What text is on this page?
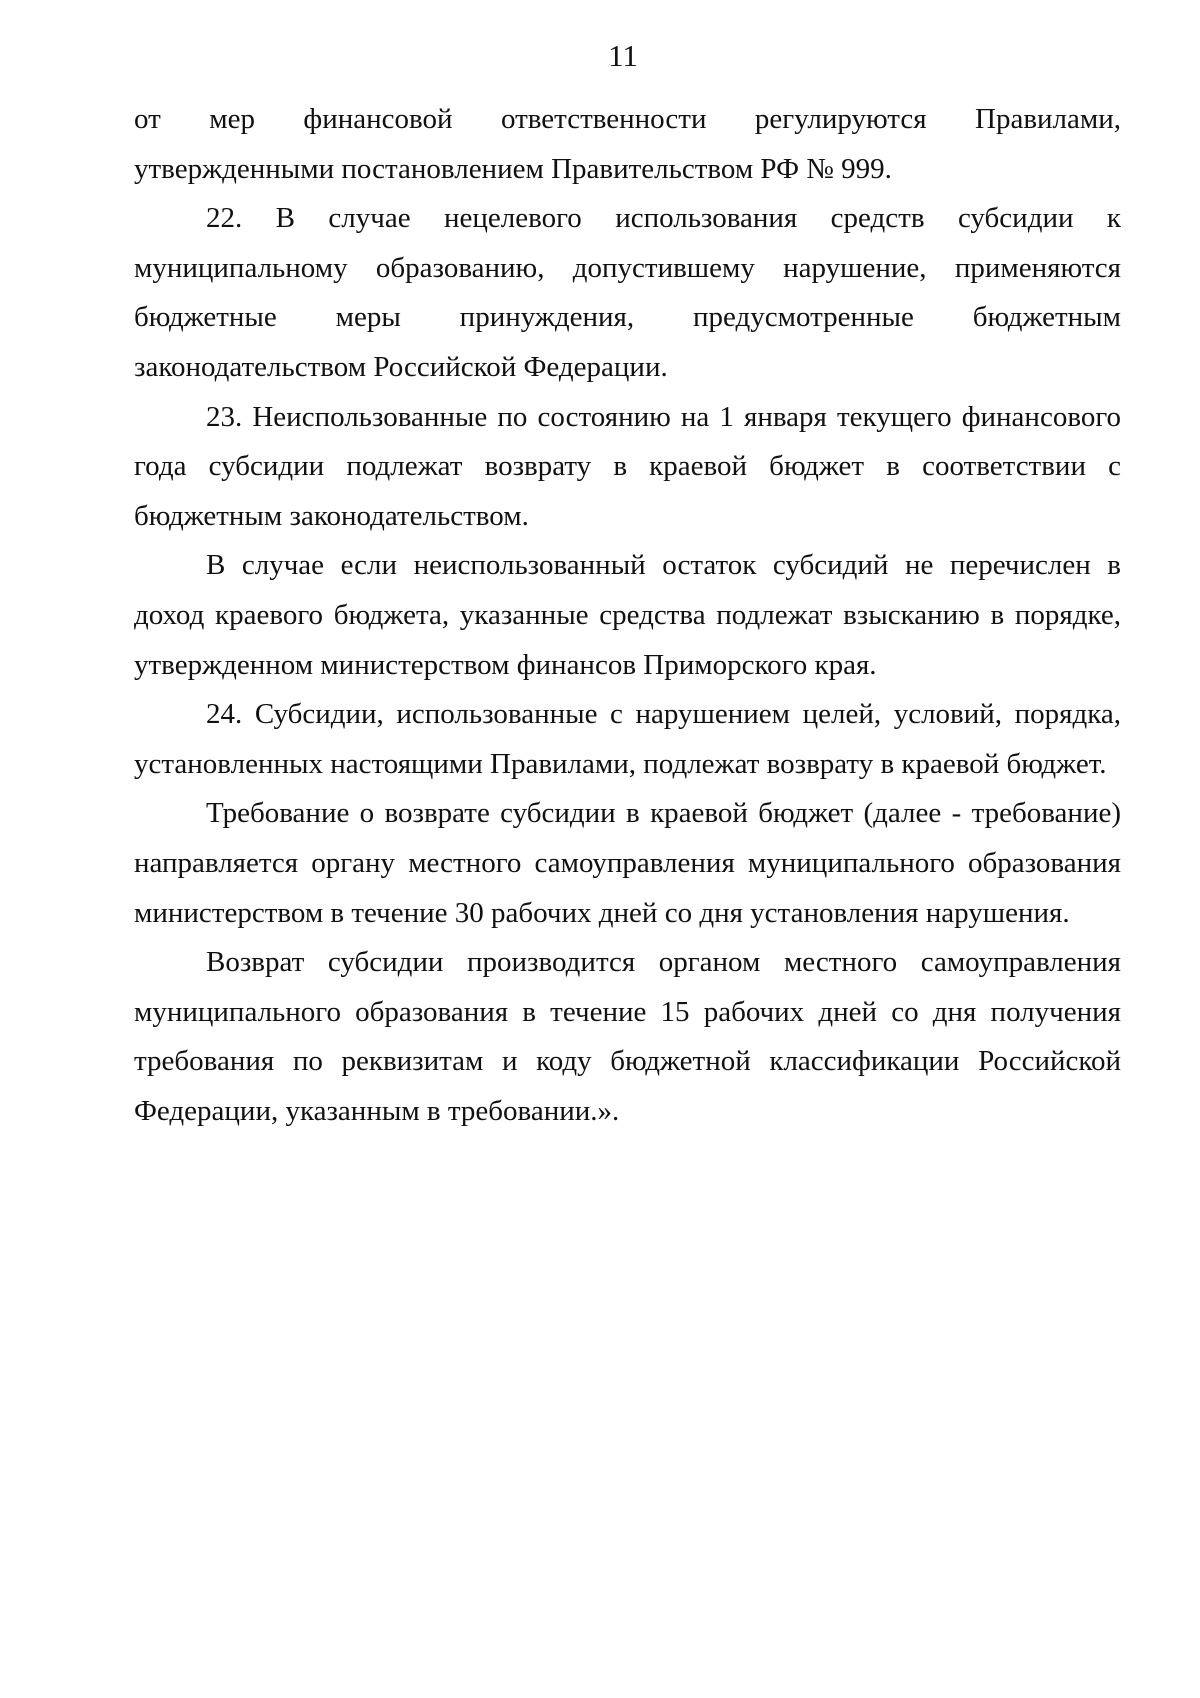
11

от мер финансовой ответственности регулируются Правилами, утвержденными постановлением Правительством РФ № 999.

22. В случае нецелевого использования средств субсидии к муниципальному образованию, допустившему нарушение, применяются бюджетные меры принуждения, предусмотренные бюджетным законодательством Российской Федерации.

23. Неиспользованные по состоянию на 1 января текущего финансового года субсидии подлежат возврату в краевой бюджет в соответствии с бюджетным законодательством.

В случае если неиспользованный остаток субсидий не перечислен в доход краевого бюджета, указанные средства подлежат взысканию в порядке, утвержденном министерством финансов Приморского края.

24. Субсидии, использованные с нарушением целей, условий, порядка, установленных настоящими Правилами, подлежат возврату в краевой бюджет.

Требование о возврате субсидии в краевой бюджет (далее - требование) направляется органу местного самоуправления муниципального образования министерством в течение 30 рабочих дней со дня установления нарушения.

Возврат субсидии производится органом местного самоуправления муниципального образования в течение 15 рабочих дней со дня получения требования по реквизитам и коду бюджетной классификации Российской Федерации, указанным в требовании.».
